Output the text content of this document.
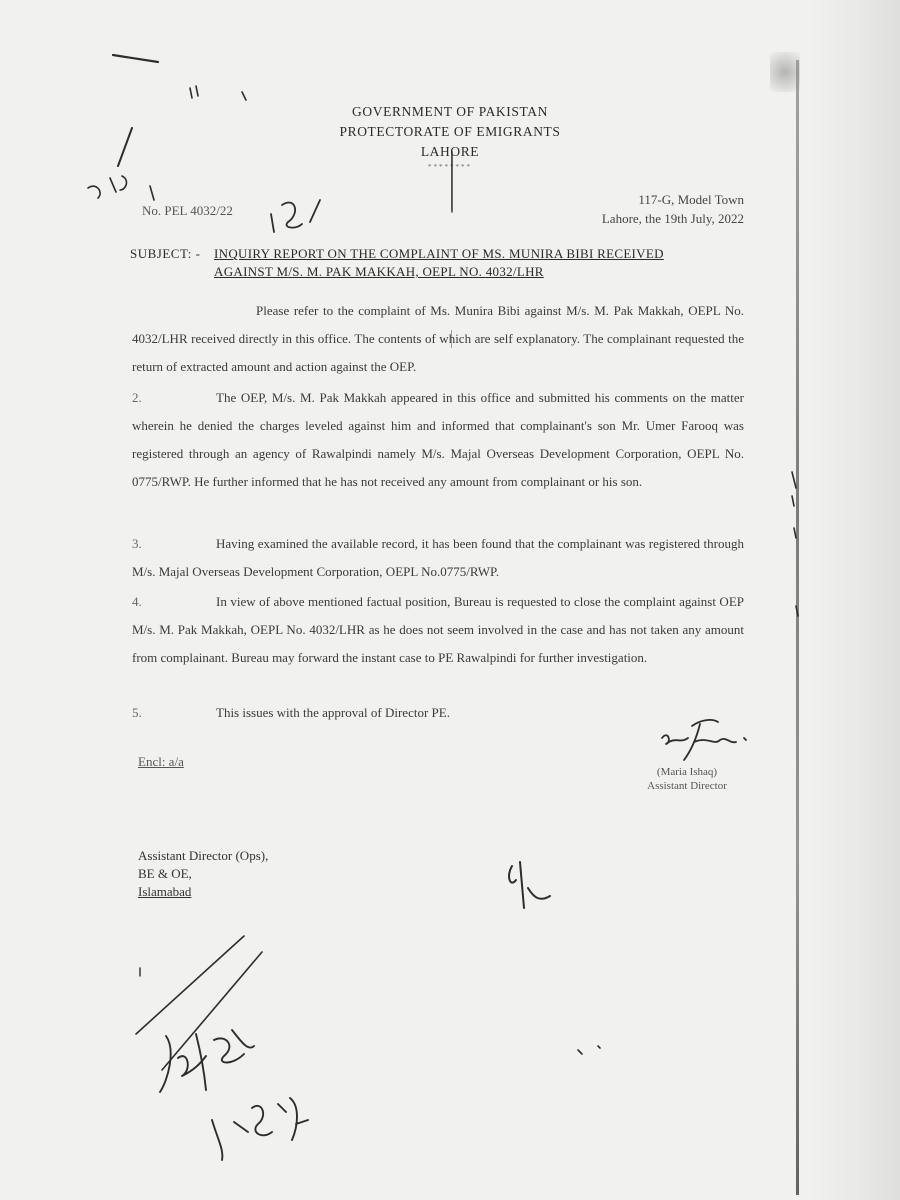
GOVERNMENT OF PAKISTAN
PROTECTORATE OF EMIGRANTS
LAHORE
********
No. PEL 4032/22
117-G, Model Town
Lahore, the 19th July, 2022
SUBJECT: - INQUIRY REPORT ON THE COMPLAINT OF MS. MUNIRA BIBI RECEIVED
AGAINST M/S. M. PAK MAKKAH, OEPL NO. 4032/LHR
Please refer to the complaint of Ms. Munira Bibi against M/s. M. Pak Makkah, OEPL No. 4032/LHR received directly in this office. The contents of which are self explanatory. The complainant requested the return of extracted amount and action against the OEP.
2.	The OEP, M/s. M. Pak Makkah appeared in this office and submitted his comments on the matter wherein he denied the charges leveled against him and informed that complainant's son Mr. Umer Farooq was registered through an agency of Rawalpindi namely M/s. Majal Overseas Development Corporation, OEPL No. 0775/RWP. He further informed that he has not received any amount from complainant or his son.
3.	Having examined the available record, it has been found that the complainant was registered through M/s. Majal Overseas Development Corporation, OEPL No.0775/RWP.
4.	In view of above mentioned factual position, Bureau is requested to close the complaint against OEP M/s. M. Pak Makkah, OEPL No. 4032/LHR as he does not seem involved in the case and has not taken any amount from complainant. Bureau may forward the instant case to PE Rawalpindi for further investigation.
5.	This issues with the approval of Director PE.
Encl: a/a
(Maria Ishaq)
Assistant Director
Assistant Director (Ops),
BE & OE,
Islamabad
